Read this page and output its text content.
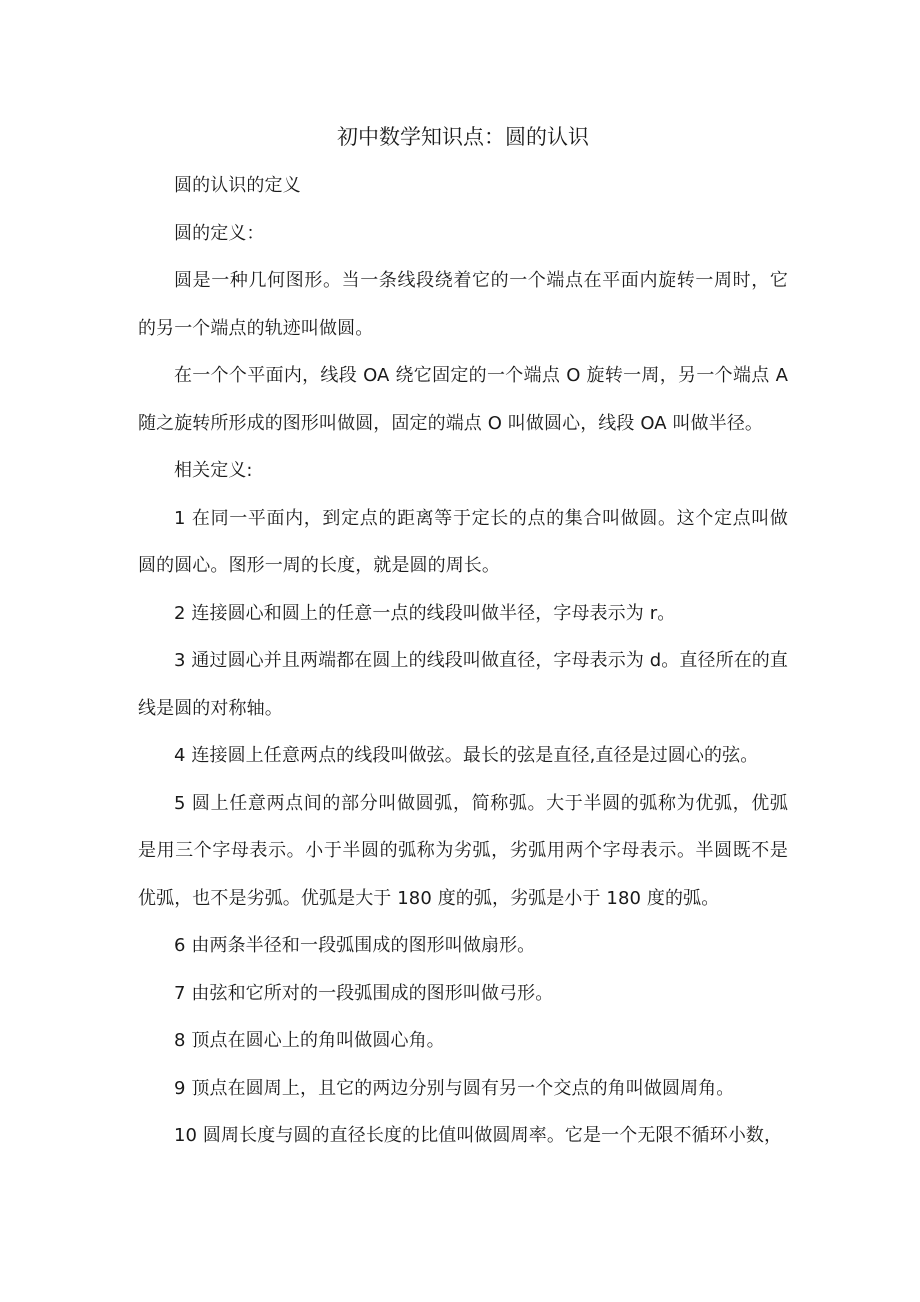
初中数学知识点：圆的认识

圆的认识的定义

圆的定义：

圆是一种几何图形。当一条线段绕着它的一个端点在平面内旋转一周时，它的另一个端点的轨迹叫做圆。

在一个个平面内，线段 OA 绕它固定的一个端点 O 旋转一周，另一个端点 A 随之旋转所形成的图形叫做圆，固定的端点 O 叫做圆心，线段 OA 叫做半径。

相关定义:

1 在同一平面内，到定点的距离等于定长的点的集合叫做圆。这个定点叫做圆的圆心。图形一周的长度，就是圆的周长。

2 连接圆心和圆上的任意一点的线段叫做半径，字母表示为 r。

3 通过圆心并且两端都在圆上的线段叫做直径，字母表示为 d。直径所在的直线是圆的对称轴。

4 连接圆上任意两点的线段叫做弦。最长的弦是直径,直径是过圆心的弦。

5 圆上任意两点间的部分叫做圆弧，简称弧。大于半圆的弧称为优弧，优弧是用三个字母表示。小于半圆的弧称为劣弧，劣弧用两个字母表示。半圆既不是优弧，也不是劣弧。优弧是大于 180 度的弧，劣弧是小于 180 度的弧。

6 由两条半径和一段弧围成的图形叫做扇形。

7 由弦和它所对的一段弧围成的图形叫做弓形。

8 顶点在圆心上的角叫做圆心角。

9 顶点在圆周上，且它的两边分别与圆有另一个交点的角叫做圆周角。

10 圆周长度与圆的直径长度的比值叫做圆周率。它是一个无限不循环小数，
